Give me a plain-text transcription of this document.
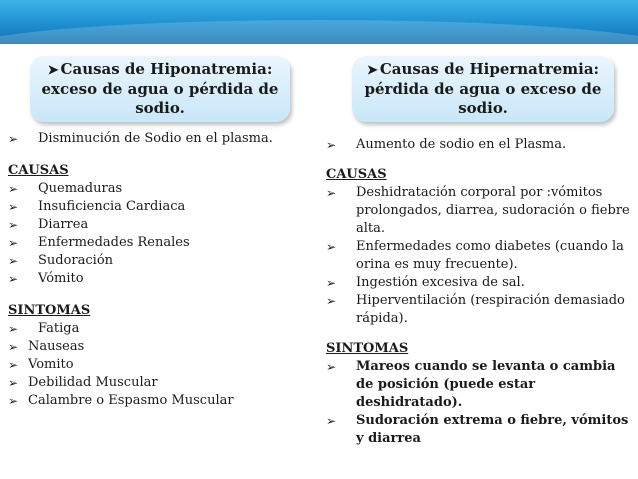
➤ Causas de Hiponatremia: exceso de agua o pérdida de sodio.
➤ Causas de Hipernatremia: pérdida de agua o exceso de sodio.
➢	Disminución de Sodio en el plasma.
CAUSAS
➢	Quemaduras
➢	Insuficiencia Cardiaca
➢	Diarrea
➢	Enfermedades Renales
➢	Sudoración
➢	Vómito
SINTOMAS
➢	Fatiga
➢ Nauseas
➢ Vomito
➢ Debilidad Muscular
➢ Calambre o Espasmo Muscular
➢	Aumento de sodio en el Plasma.
CAUSAS
➢	Deshidratación corporal por :vómitos prolongados, diarrea, sudoración o fiebre alta.
➢	Enfermedades como diabetes (cuando la orina es muy frecuente).
➢	Ingestión excesiva de sal.
➢	Hiperventilación (respiración demasiado rápida).
SINTOMAS
➢	Mareos cuando se levanta o cambia de posición (puede estar deshidratado).
➢	Sudoración extrema o fiebre, vómitos y diarrea
